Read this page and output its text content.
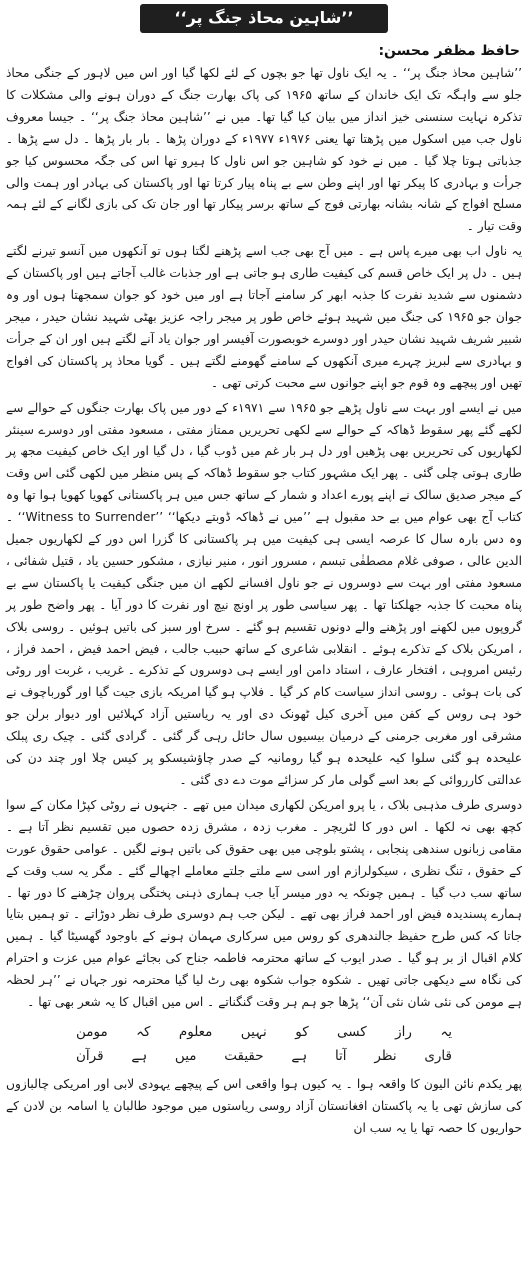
’’شاہین محاذ جنگ پر‘‘
حافظ مظفر محسن:

’’شاہین محاذ جنگ پر‘‘ ۔ یہ ایک ناول تھا جو بچوں کے لئے لکھا گیا اور اس میں لاہور کے جنگی محاذ جلو سے واہگہ تک ایک خاندان کے ساتھ ۱۹۶۵ کی پاک بھارت جنگ کے دوران ہونے والی مشکلات کا تذکرہ نہایت سنسنی خیز انداز میں بیان کیا گیا تھا۔ میں نے ’’شاہین محاذ جنگ پر‘‘ ۔ جیسا معروف ناول جب میں اسکول میں پڑھتا تھا یعنی ۱۹۷۶ء ۱۹۷۷ء کے دوران پڑھا ۔ بار بار پڑھا ۔ دل سے پڑھا ۔ جذباتی ہوتا چلا گیا ۔ میں نے خود کو شاہین جو اس ناول کا ہیرو تھا اس کی جگہ محسوس کیا جو جرأت و بہادری کا پیکر تھا اور اپنے وطن سے بے پناہ پیار کرتا تھا اور پاکستان کی بہادر اور ہمت والی مسلح افواج کے شانہ بشانہ بھارتی فوج کے ساتھ برسر پیکار تھا اور جان تک کی بازی لگانے کے لئے ہمہ وقت تیار ۔

یہ ناول اب بھی میرے پاس ہے ۔ میں آج بھی جب اسے پڑھنے لگتا ہوں تو آنکھوں میں آنسو تیرنے لگتے ہیں ۔ دل پر ایک خاص قسم کی کیفیت طاری ہو جاتی ہے اور جذبات غالب آجاتے ہیں اور پاکستان کے دشمنوں سے شدید نفرت کا جذبہ ابھر کر سامنے آجاتا ہے اور میں خود کو جوان سمجھتا ہوں اور وہ جوان جو ۱۹۶۵ کی جنگ میں شہید ہوئے خاص طور پر میجر راجہ عزیز بھٹی شہید نشان حیدر ، میجر شبیر شریف شہید نشان حیدر اور دوسرے خوبصورت آفیسر اور جوان یاد آنے لگتے ہیں اور ان کے جرأت و بہادری سے لبریز چہرے میری آنکھوں کے سامنے گھومنے لگتے ہیں ۔ گویا محاذ پر پاکستان کی افواج تھیں اور پیچھے وہ قوم جو اپنے جوانوں سے محبت کرتی تھی ۔

میں نے ایسے اور بہت سے ناول پڑھے جو ۱۹۶۵ سے ۱۹۷۱ء کے دور میں پاک بھارت جنگوں کے حوالے سے لکھے گئے پھر سقوط ڈھاکہ کے حوالے سے لکھی تحریریں ممتاز مفتی ، مسعود مفتی اور دوسرے سینئر لکھاریوں کی تحریریں بھی پڑھیں اور دل ہر بار غم میں ڈوب گیا ، دل گیا اور ایک خاص کیفیت مجھ پر طاری ہوتی چلی گئی ۔ پھر ایک مشہور کتاب جو سقوط ڈھاکہ کے پس منظر میں لکھی گئی اس وقت کے میجر صدیق سالک نے اپنے پورے اعداد و شمار کے ساتھ جس میں ہر پاکستانی کھویا کھویا ہوا تھا وہ کتاب آج بھی عوام میں بے حد مقبول ہے ’’میں نے ڈھاکہ ڈوبتے دیکھا‘‘ ’’Witness to Surrender‘‘ ۔ وہ دس بارہ سال کا عرصہ ایسی ہی کیفیت میں ہر پاکستانی کا گزرا اس دور کے لکھاریوں جمیل الدین عالی ، صوفی غلام مصطفٰی تبسم ، مسرور انور ، منیر نیازی ، مشکور حسین یاد ، قتیل شفائی ، مسعود مفتی اور بہت سے دوسروں نے جو ناول افسانے لکھے ان میں جنگی کیفیت یا پاکستان سے بے پناہ محبت کا جذبہ جھلکتا تھا ۔ پھر سیاسی طور پر اونچ نیچ اور نفرت کا دور آیا ۔ پھر واضح طور پر گروپوں میں لکھنے اور پڑھنے والے دونوں تقسیم ہو گئے ۔ سرخ اور سبز کی باتیں ہوئیں ۔ روسی بلاک ، امریکن بلاک کے تذکرے ہوئے ۔ انقلابی شاعری کے ساتھ حبیب جالب ، فیض احمد فیض ، احمد فراز ، رئیس امروہی ، افتخار عارف ، استاد دامن اور ایسے ہی دوسروں کے تذکرے ۔ غریب ، غربت اور روٹی کی بات ہوئی ۔ روسی انداز سیاست کام کر گیا ۔ فلاپ ہو گیا امریکہ بازی جیت گیا اور گورباچوف نے خود ہی روس کے کفن میں آخری کیل ٹھونک دی اور یہ ریاستیں آزاد کہلائیں اور دیوار برلن جو مشرقی اور مغربی جرمنی کے درمیان بیسیوں سال حائل رہی گر گئی ۔ گرادی گئی ۔ چیک ری پبلک علیحدہ ہو گئی سلوا کیہ علیحدہ ہو گیا رومانیہ کے صدر چاؤشیسکو پر کیس چلا اور چند دن کی عدالتی کارروائی کے بعد اسے گولی مار کر سزائے موت دے دی گئی ۔

دوسری طرف مذہبی بلاک ، یا پرو امریکن لکھاری میدان میں تھے ۔ جنہوں نے روٹی کپڑا مکان کے سوا کچھ بھی نہ لکھا ۔ اس دور کا لٹریچر ۔ مغرب زدہ ، مشرق زدہ حصوں میں تقسیم نظر آتا ہے ۔ مقامی زبانوں سندھی پنجابی ، پشتو بلوچی میں بھی حقوق کی باتیں ہونے لگیں ۔ عوامی حقوق عورت کے حقوق ، تنگ نظری ، سیکولرازم اور اسی سے ملتے جلتے معاملے اچھالے گئے ۔ مگر یہ سب وقت کے ساتھ سب دب گیا ۔ ہمیں چونکہ یہ دور میسر آیا جب ہماری ذہنی پختگی پروان چڑھنے کا دور تھا ۔ ہمارے پسندیدہ فیض اور احمد فراز بھی تھے ۔ لیکن جب ہم دوسری طرف نظر دوڑاتے ۔ تو ہمیں بتایا جاتا کہ کس طرح حفیظ جالندھری کو روس میں سرکاری مہمان ہونے کے باوجود گھسیٹا گیا ۔ ہمیں کلام اقبال از بر ہو گیا ۔ صدر ایوب کے ساتھ محترمہ فاطمہ جناح کی بجائے عوام میں عزت و احترام کی نگاہ سے دیکھی جاتی تھیں ۔ شکوہ جواب شکوہ بھی رٹ لیا گیا محترمہ نور جہاں نے ’’ہر لحظہ ہے مومن کی نئی شان نئی آن‘‘ پڑھا جو ہم ہر وقت گنگناتے ۔ اس میں اقبال کا یہ شعر بھی تھا ۔

یہ
راز
کسی
کو
نہیں
معلوم
کہ
مومن
قاری
نظر
آتا
ہے
حقیقت
میں
ہے
قرآن

پھر یکدم نائن الیون کا واقعہ ہوا ۔ یہ کیوں ہوا واقعی اس کے پیچھے یہودی لابی اور امریکی چالبازوں کی سازش تھی یا یہ پاکستان افغانستان آزاد روسی ریاستوں میں موجود طالبان یا اسامہ بن لادن کے حواریوں کا حصہ تھا یا یہ سب ان
